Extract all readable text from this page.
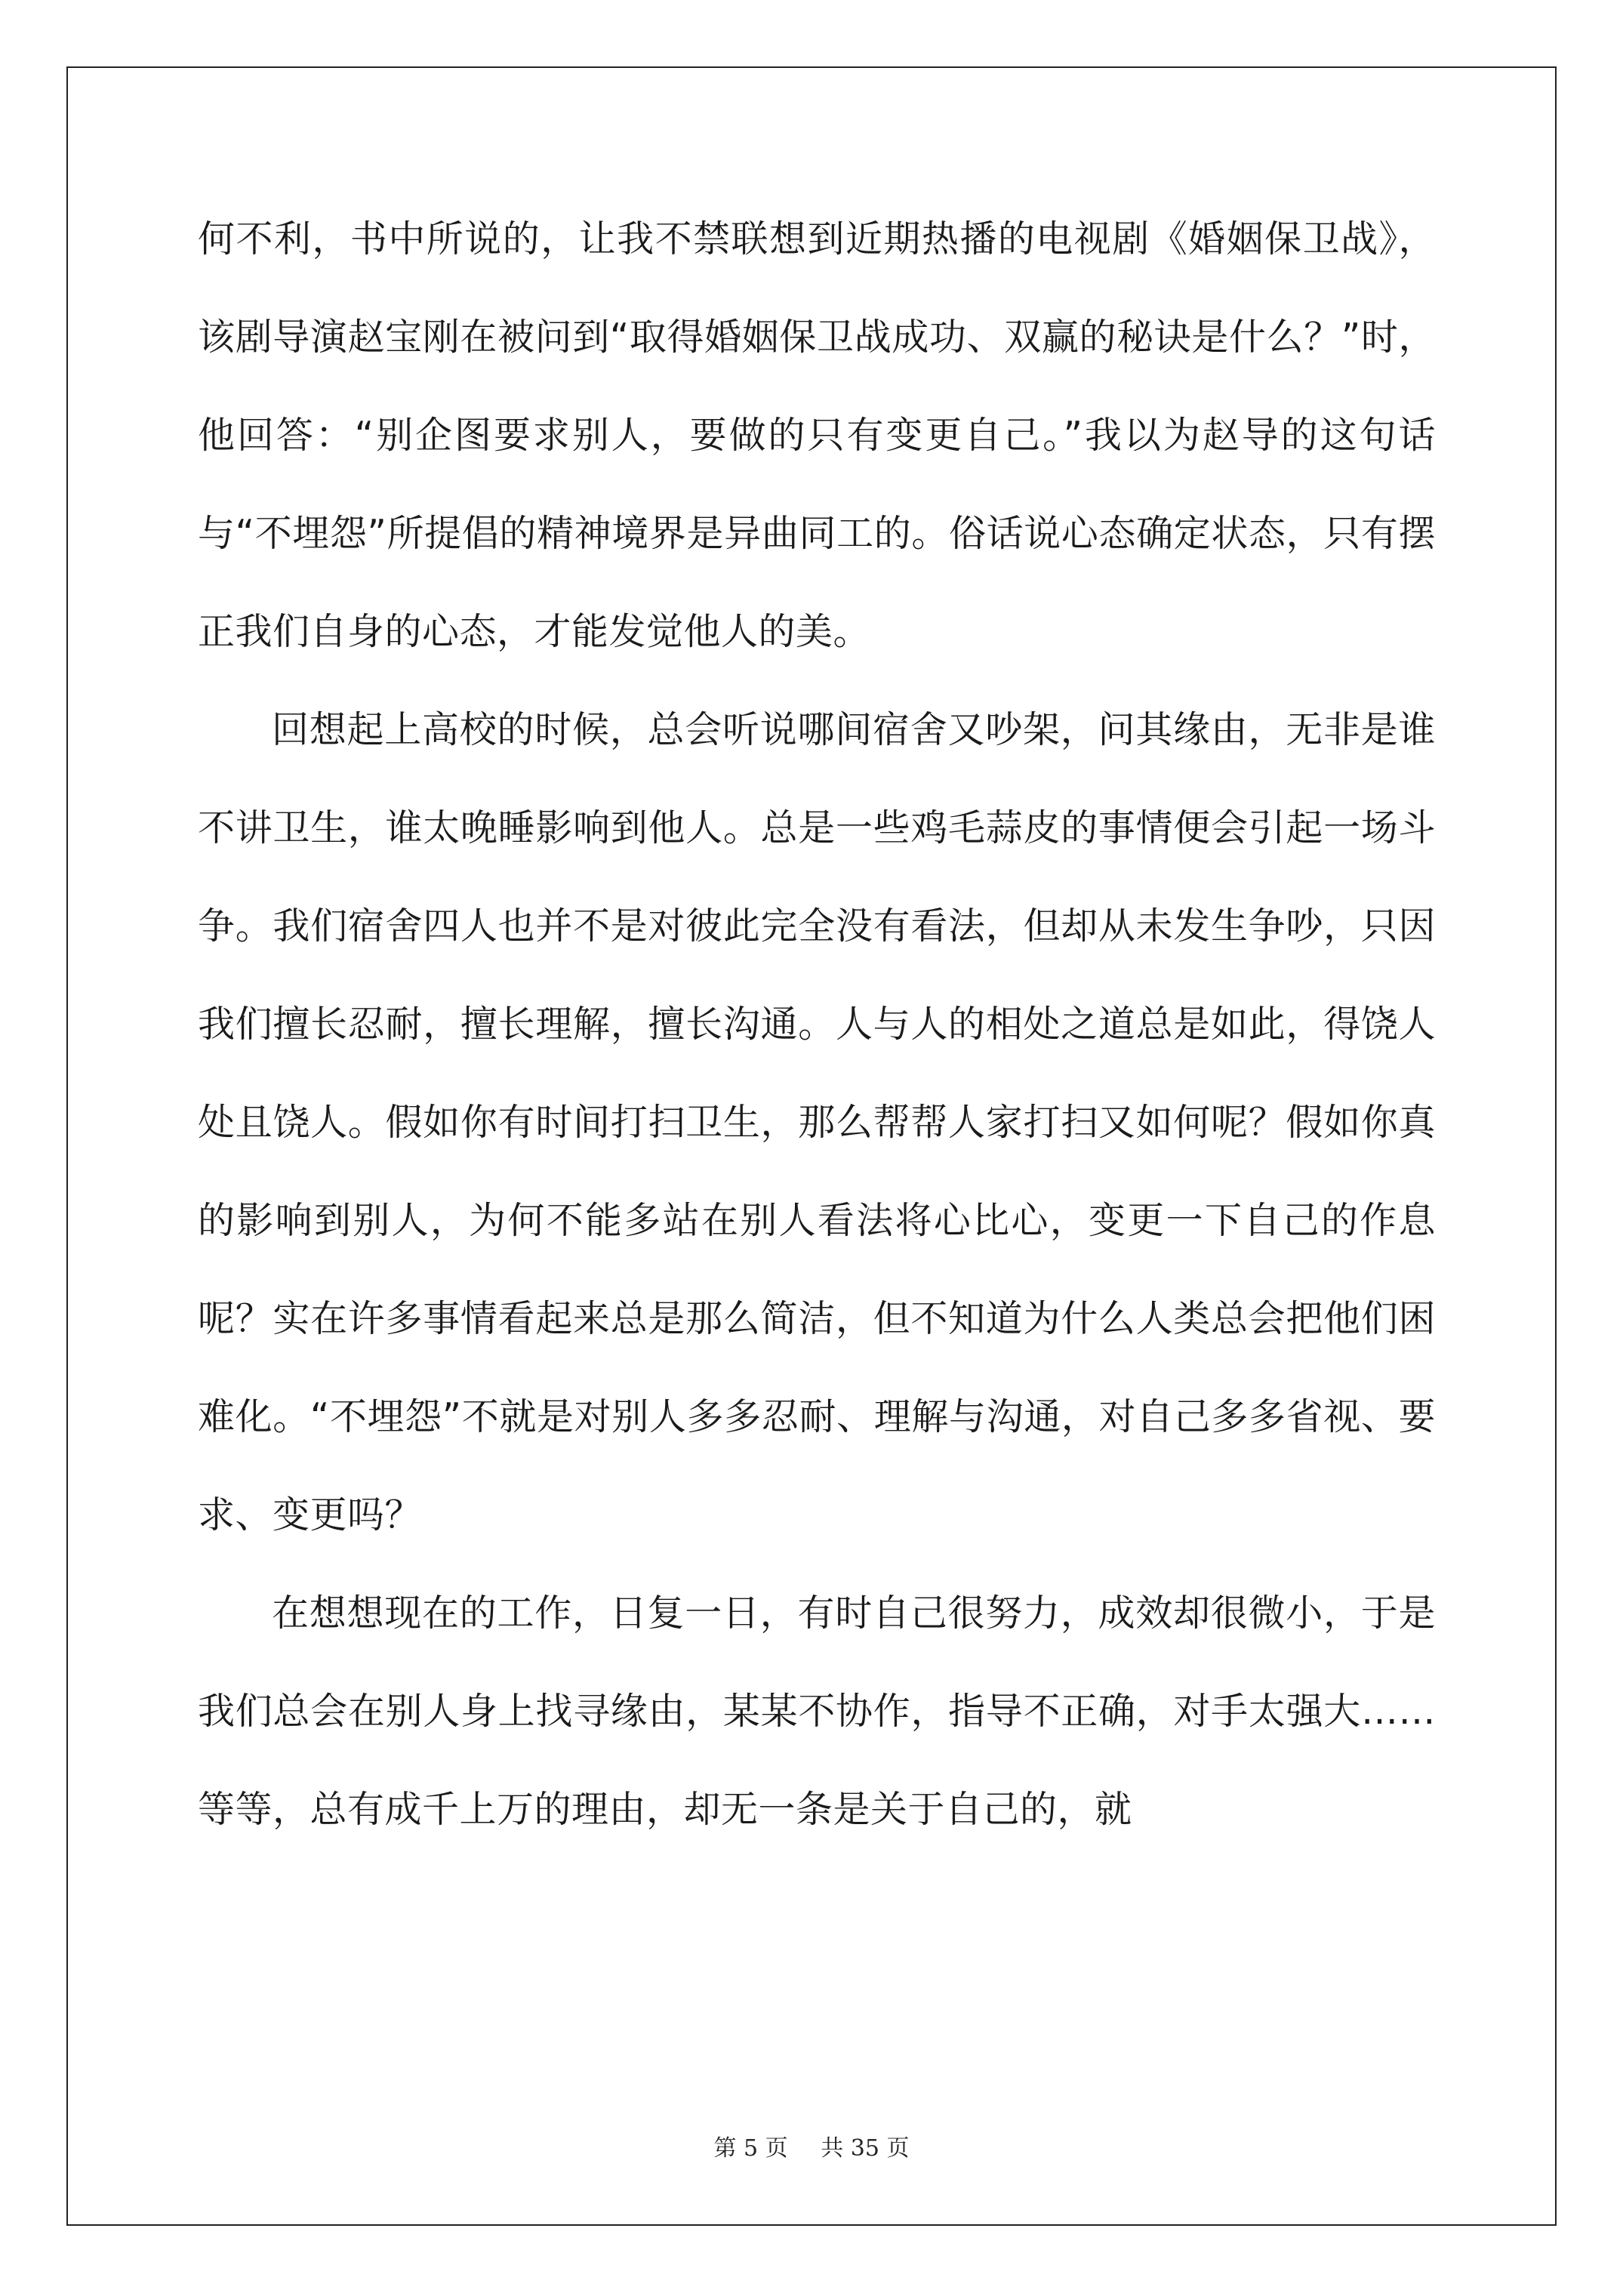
何不利，书中所说的，让我不禁联想到近期热播的电视剧《婚姻保卫战》，该剧导演赵宝刚在被问到“取得婚姻保卫战成功、双赢的秘诀是什么？”时，他回答：“别企图要求别人，要做的只有变更自己。”我以为赵导的这句话与“不埋怨”所提倡的精神境界是异曲同工的。俗话说心态确定状态，只有摆正我们自身的心态，才能发觉他人的美。

回想起上高校的时候，总会听说哪间宿舍又吵架，问其缘由，无非是谁不讲卫生，谁太晚睡影响到他人。总是一些鸡毛蒜皮的事情便会引起一场斗争。我们宿舍四人也并不是对彼此完全没有看法，但却从未发生争吵，只因我们擅长忍耐，擅长理解，擅长沟通。人与人的相处之道总是如此，得饶人处且饶人。假如你有时间打扫卫生，那么帮帮人家打扫又如何呢？假如你真的影响到别人，为何不能多站在别人看法将心比心，变更一下自己的作息呢？实在许多事情看起来总是那么简洁，但不知道为什么人类总会把他们困难化。“不埋怨”不就是对别人多多忍耐、理解与沟通，对自己多多省视、要求、变更吗？

在想想现在的工作，日复一日，有时自己很努力，成效却很微小，于是我们总会在别人身上找寻缘由，某某不协作，指导不正确，对手太强大……等等，总有成千上万的理由，却无一条是关于自己的，就

第 5 页 共 35 页
